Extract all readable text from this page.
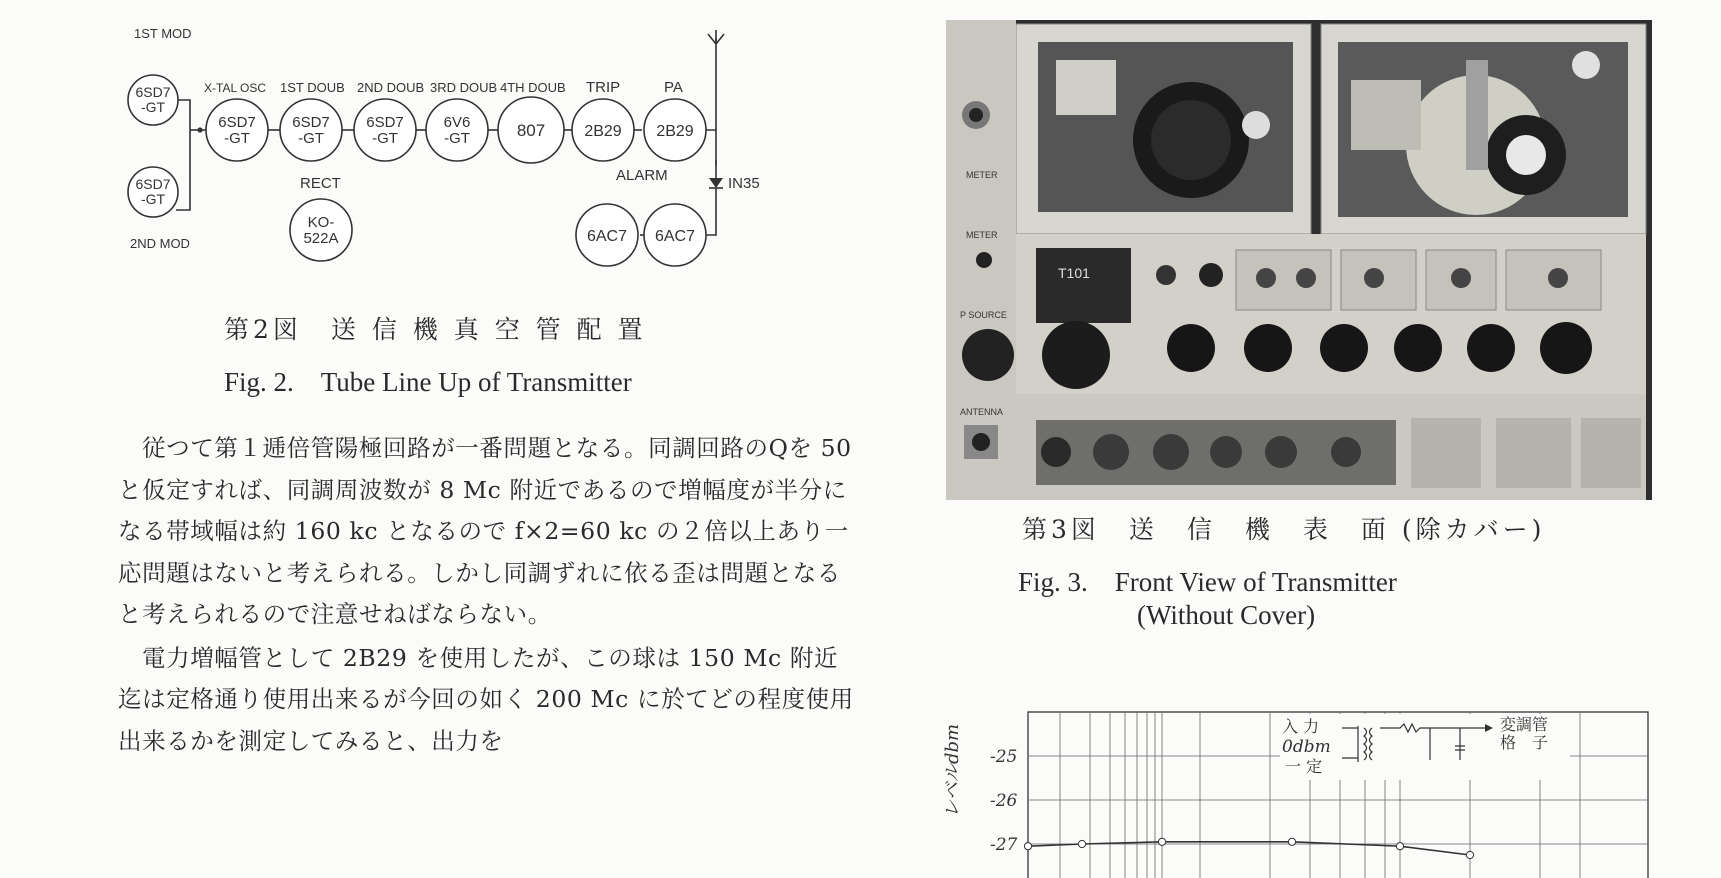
6SD7
-GT
6SD7
-GT
6SD7
-GT
6SD7
-GT
6SD7
-GT
6V6
-GT	807 2B29 2B29
KO-
522A	6AC7 6AC7
1ST MOD
2ND MOD
X-TAL OSC 1ST DOUB 2ND DOUB 3RD DOUB 4TH DOUB TRIP	PA
RECT	ALARM	IN35
第2図　送 信 機 真 空 管 配 置
Fig. 2.　Tube Line Up of Transmitter

従つて第１逓倍管陽極回路が一番問題となる。同調回路のQを 50 と仮定すれば、同調周波数が 8 Mc 附近であるので増幅度が半分になる帯域幅は約 160 kc となるので f×2=60 kc の２倍以上あり一応問題はないと考えられる。しかし同調ずれに依る歪は問題となると考えられるので注意せねばならない。

電力増幅管として 2B29 を使用したが、この球は 150 Mc 附近迄は定格通り使用出来るが今回の如く 200 Mc に於てどの程度使用出来るかを測定してみると、出力を

METER
METER
P SOURCE
T101
ANTENNA
第3図　送　信　機　表　面 (除カバー)
Fig. 3.　Front View of Transmitter
(Without Cover)
レベルdbm -25
-26
-27
入 力
0dbm
一 定
変調管
格　子
